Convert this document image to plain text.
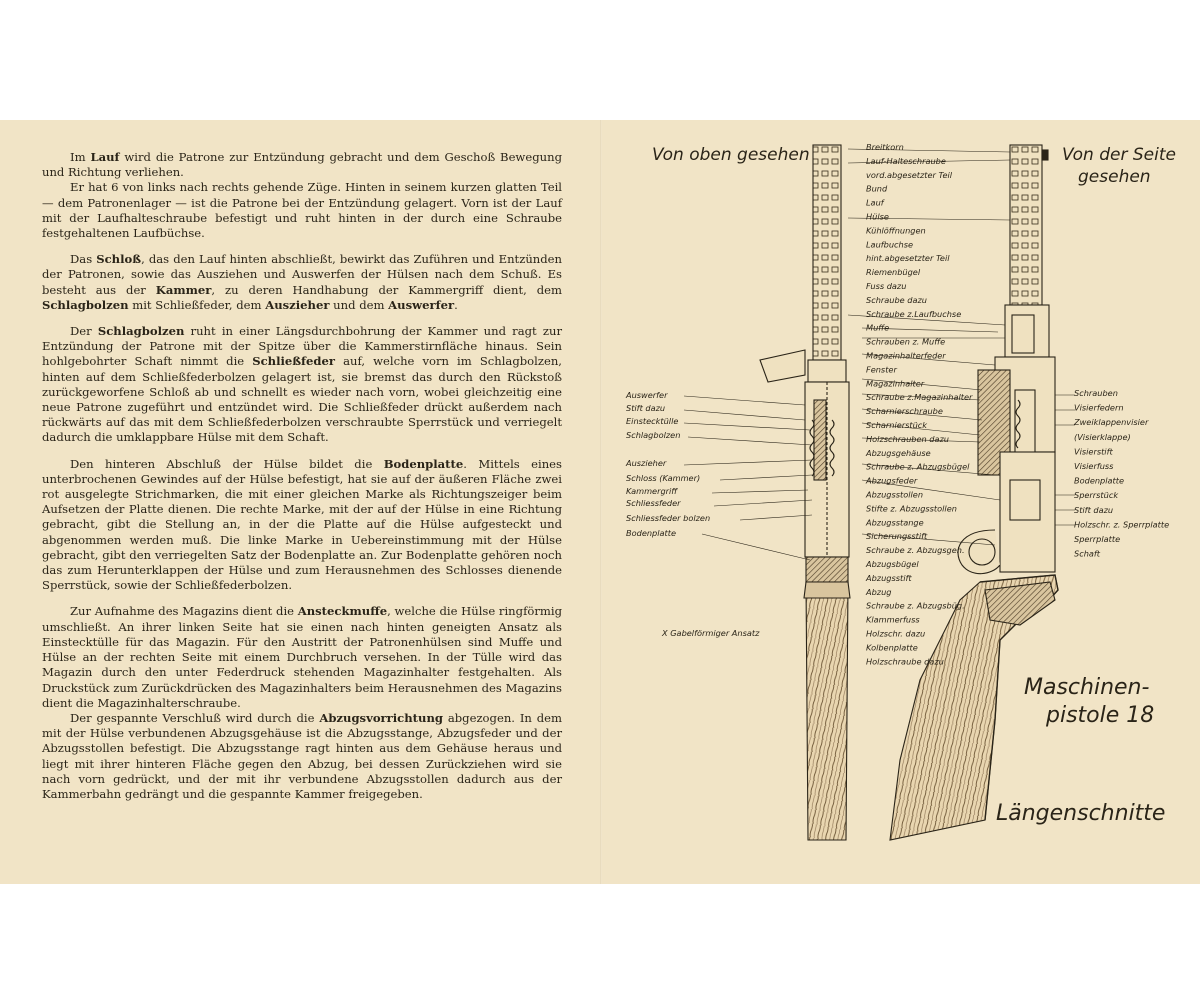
Im Lauf wird die Patrone zur Entzündung gebracht und dem Geschoß Bewegung und Richtung verliehen.
Er hat 6 von links nach rechts gehende Züge. Hinten in seinem kurzen glatten Teil — dem Patronenlager — ist die Patrone bei der Entzündung gelagert. Vorn ist der Lauf mit der Laufhalteschraube befestigt und ruht hinten in der durch eine Schraube festgehaltenen Laufbüchse.

Das Schloß, das den Lauf hinten abschließt, bewirkt das Zuführen und Entzünden der Patronen, sowie das Ausziehen und Auswerfen der Hülsen nach dem Schuß. Es besteht aus der Kammer, zu deren Handhabung der Kammergriff dient, dem Schlagbolzen mit Schließfeder, dem Auszieher und dem Auswerfer.

Der Schlagbolzen ruht in einer Längsdurchbohrung der Kammer und ragt zur Entzündung der Patrone mit der Spitze über die Kammerstirnfläche hinaus. Sein hohlgebohrter Schaft nimmt die Schließfeder auf, welche vorn im Schlagbolzen, hinten auf dem Schließfederbolzen gelagert ist, sie bremst das durch den Rückstoß zurückgeworfene Schloß ab und schnellt es wieder nach vorn, wobei gleichzeitig eine neue Patrone zugeführt und entzündet wird. Die Schließfeder drückt außerdem nach rückwärts auf das mit dem Schließfederbolzen verschraubte Sperrstück und verriegelt dadurch die umklappbare Hülse mit dem Schaft.

Den hinteren Abschluß der Hülse bildet die Bodenplatte. Mittels eines unterbrochenen Gewindes auf der Hülse befestigt, hat sie auf der äußeren Fläche zwei rot ausgelegte Strichmarken, die mit einer gleichen Marke als Richtungszeiger beim Aufsetzen der Platte dienen. Die rechte Marke, mit der auf der Hülse in eine Richtung gebracht, gibt die Stellung an, in der die Platte auf die Hülse aufgesteckt und abgenommen werden muß. Die linke Marke in Uebereinstimmung mit der Hülse gebracht, gibt den verriegelten Satz der Bodenplatte an. Zur Bodenplatte gehören noch das zum Herunterklappen der Hülse und zum Herausnehmen des Schlosses dienende Sperrstück, sowie der Schließfederbolzen.

Zur Aufnahme des Magazins dient die Ansteckmuffe, welche die Hülse ringförmig umschließt. An ihrer linken Seite hat sie einen nach hinten geneigten Ansatz als Einstecktülle für das Magazin. Für den Austritt der Patronenhülsen sind Muffe und Hülse an der rechten Seite mit einem Durchbruch versehen. In der Tülle wird das Magazin durch den unter Federdruck stehenden Magazinhalter festgehalten. Als Druckstück zum Zurückdrücken des Magazinhalters beim Herausnehmen des Magazins dient die Magazinhalterschraube.

Der gespannte Verschluß wird durch die Abzugsvorrichtung abgezogen. In dem mit der Hülse verbundenen Abzugsgehäuse ist die Abzugsstange, Abzugsfeder und der Abzugsstollen befestigt. Die Abzugsstange ragt hinten aus dem Gehäuse heraus und liegt mit ihrer hinteren Fläche gegen den Abzug, bei dessen Zurückziehen wird sie nach vorn gedrückt, und der mit ihr verbundene Abzugsstollen dadurch aus der Kammerbahn gedrängt und die gespannte Kammer freigegeben.

Von oben gesehen	Von der Seite
gesehen
Maschinen-
pistole 18
Längenschnitte
X Gabelförmiger Ansatz
Auswerfer
Stift dazu
Einstecktülle
Schlagbolzen
Auszieher
Schloss (Kammer)
Kammergriff
Schliessfeder
Schliessfeder bolzen
Bodenplatte
Breitkorn
Lauf-Halteschraube
vord.abgesetzter Teil
Bund
Lauf
Hülse
Kühlöffnungen
Laufbuchse
hint.abgesetzter Teil
Riemenbügel
Fuss dazu
Schraube dazu
Schraube z.Laufbuchse
Muffe
Schrauben z. Muffe
Magazinhalterfeder
Fenster
Magazinhalter
Schraube z.Magazinhalter
Scharnierschraube
Scharnierstück
Holzschrauben dazu
Abzugsgehäuse
Schraube z. Abzugsbügel
Abzugsfeder
Abzugsstollen
Stifte z. Abzugsstollen
Abzugsstange
Sicherungsstift
Schraube z. Abzugsgeh.
Abzugsbügel
Abzugsstift
Abzug
Schraube z. Abzugsbüg.
Klammerfuss
Holzschr. dazu
Kolbenplatte
Holzschraube dazu
Schrauben
Visierfedern
Zweiklappenvisier
(Visierklappe)
Visierstift
Visierfuss
Bodenplatte
Sperrstück
Stift dazu
Holzschr. z. Sperrplatte
Sperrplatte
Schaft
